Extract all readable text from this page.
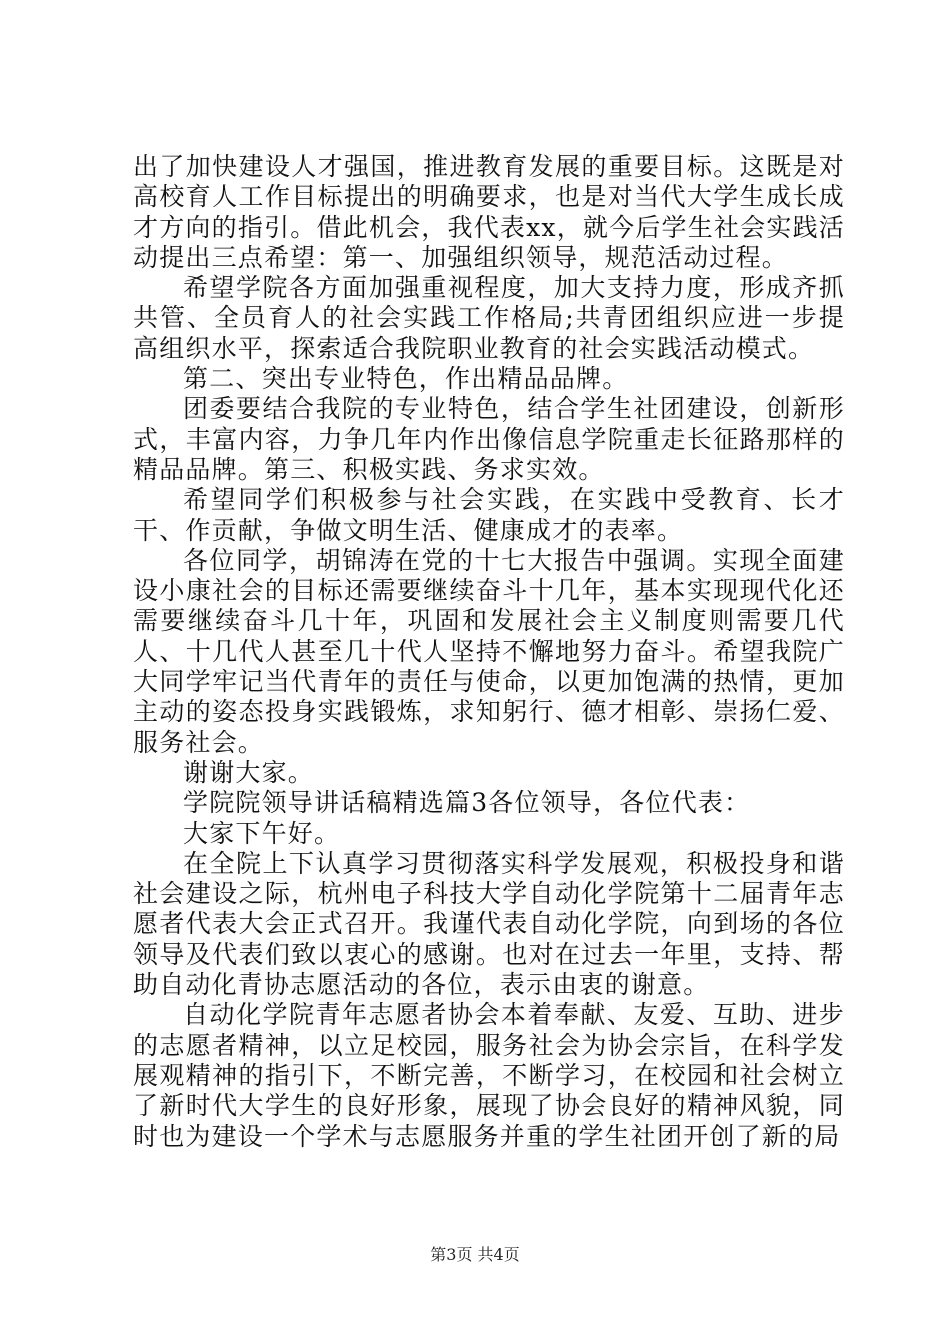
出了加快建设人才强国，推进教育发展的重要目标。这既是对高校育人工作目标提出的明确要求，也是对当代大学生成长成才方向的指引。借此机会，我代表xx，就今后学生社会实践活动提出三点希望：第一、加强组织领导，规范活动过程。

希望学院各方面加强重视程度，加大支持力度，形成齐抓共管、全员育人的社会实践工作格局;共青团组织应进一步提高组织水平，探索适合我院职业教育的社会实践活动模式。

第二、突出专业特色，作出精品品牌。

团委要结合我院的专业特色，结合学生社团建设，创新形式，丰富内容，力争几年内作出像信息学院重走长征路那样的精品品牌。第三、积极实践、务求实效。

希望同学们积极参与社会实践，在实践中受教育、长才干、作贡献，争做文明生活、健康成才的表率。

各位同学，胡锦涛在党的十七大报告中强调。实现全面建设小康社会的目标还需要继续奋斗十几年，基本实现现代化还需要继续奋斗几十年，巩固和发展社会主义制度则需要几代人、十几代人甚至几十代人坚持不懈地努力奋斗。希望我院广大同学牢记当代青年的责任与使命，以更加饱满的热情，更加主动的姿态投身实践锻炼，求知躬行、德才相彰、崇扬仁爱、服务社会。

谢谢大家。

学院院领导讲话稿精选篇3各位领导，各位代表：

大家下午好。

在全院上下认真学习贯彻落实科学发展观，积极投身和谐社会建设之际，杭州电子科技大学自动化学院第十二届青年志愿者代表大会正式召开。我谨代表自动化学院，向到场的各位领导及代表们致以衷心的感谢。也对在过去一年里，支持、帮助自动化青协志愿活动的各位，表示由衷的谢意。

自动化学院青年志愿者协会本着奉献、友爱、互助、进步的志愿者精神，以立足校园，服务社会为协会宗旨，在科学发展观精神的指引下，不断完善，不断学习，在校园和社会树立了新时代大学生的良好形象，展现了协会良好的精神风貌，同时也为建设一个学术与志愿服务并重的学生社团开创了新的局

第3页 共4页
